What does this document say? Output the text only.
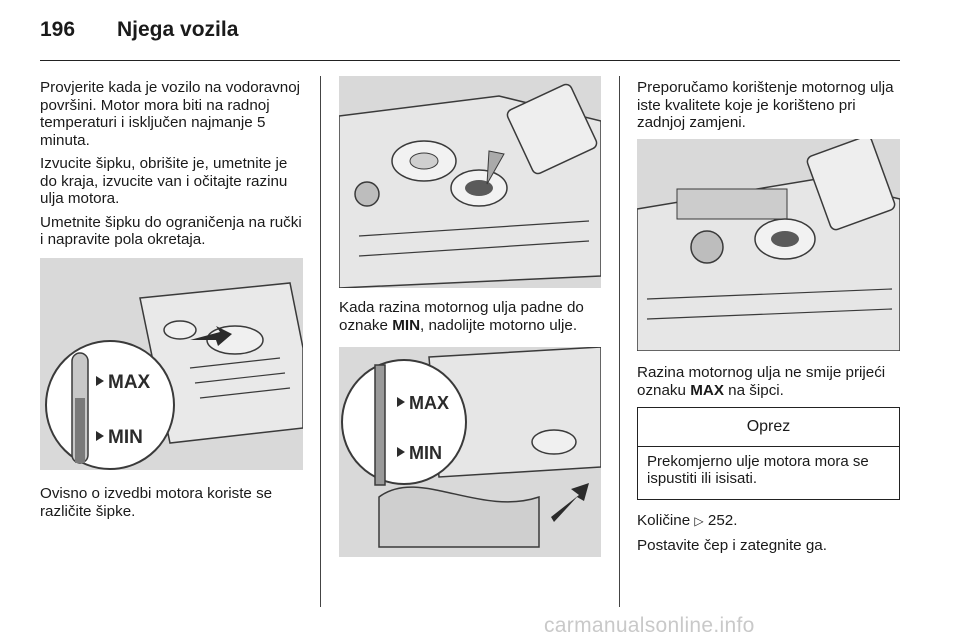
196 Njega vozila

Provjerite kada je vozilo na vodoravnoj površini. Motor mora biti na radnoj temperaturi i isključen najmanje 5 minuta.

Izvucite šipku, obrišite je, umetnite je do kraja, izvucite van i očitajte razinu ulja motora.

Umetnite šipku do ograničenja na ručki i napravite pola okretaja.

MAX
MIN

Ovisno o izvedbi motora koriste se različite šipke.

Kada razina motornog ulja padne do oznake MIN, nadolijte motorno ulje.

MAX
MIN

Preporučamo korištenje motornog ulja iste kvalitete koje je korišteno pri zadnjoj zamjeni.

Razina motornog ulja ne smije prijeći oznaku MAX na šipci.

Oprez
Prekomjerno ulje motora mora se ispustiti ili isisati.

Količine ▷ 252.

Postavite čep i zategnite ga.

carmanualsonline.info
